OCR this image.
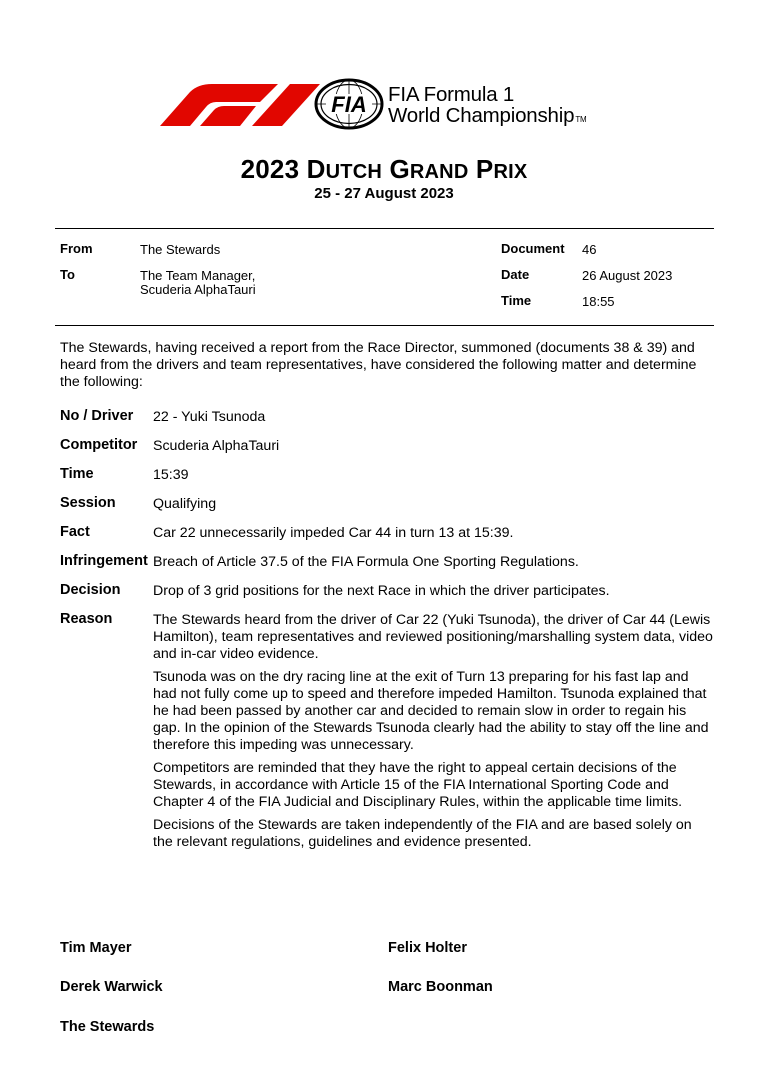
FIA FIA Formula 1
World ChampionshipTM
2023 DUTCH GRAND PRIX
25 - 27 August 2023
From	The Stewards
To	The Team Manager,
Scuderia AlphaTauri
Document 46
Date	26 August 2023
Time	18:55
The Stewards, having received a report from the Race Director, summoned (documents 38 & 39) and heard from the drivers and team representatives, have considered the following matter and determine the following:
No / Driver 22 - Yuki Tsunoda
Competitor Scuderia AlphaTauri
Time	15:39
Session	Qualifying
Fact	Car 22 unnecessarily impeded Car 44 in turn 13 at 15:39.
Infringement Breach of Article 37.5 of the FIA Formula One Sporting Regulations.
Decision Drop of 3 grid positions for the next Race in which the driver participates.
Reason	The Stewards heard from the driver of Car 22 (Yuki Tsunoda), the driver of Car 44 (Lewis Hamilton), team representatives and reviewed positioning/marshalling system data, video and in-car video evidence.

Tsunoda was on the dry racing line at the exit of Turn 13 preparing for his fast lap and had not fully come up to speed and therefore impeded Hamilton. Tsunoda explained that he had been passed by another car and decided to remain slow in order to regain his gap. In the opinion of the Stewards Tsunoda clearly had the ability to stay off the line and therefore this impeding was unnecessary.

Competitors are reminded that they have the right to appeal certain decisions of the Stewards, in accordance with Article 15 of the FIA International Sporting Code and Chapter 4 of the FIA Judicial and Disciplinary Rules, within the applicable time limits.

Decisions of the Stewards are taken independently of the FIA and are based solely on the relevant regulations, guidelines and evidence presented.

Tim Mayer	Felix Holter
Derek Warwick	Marc Boonman
The Stewards
